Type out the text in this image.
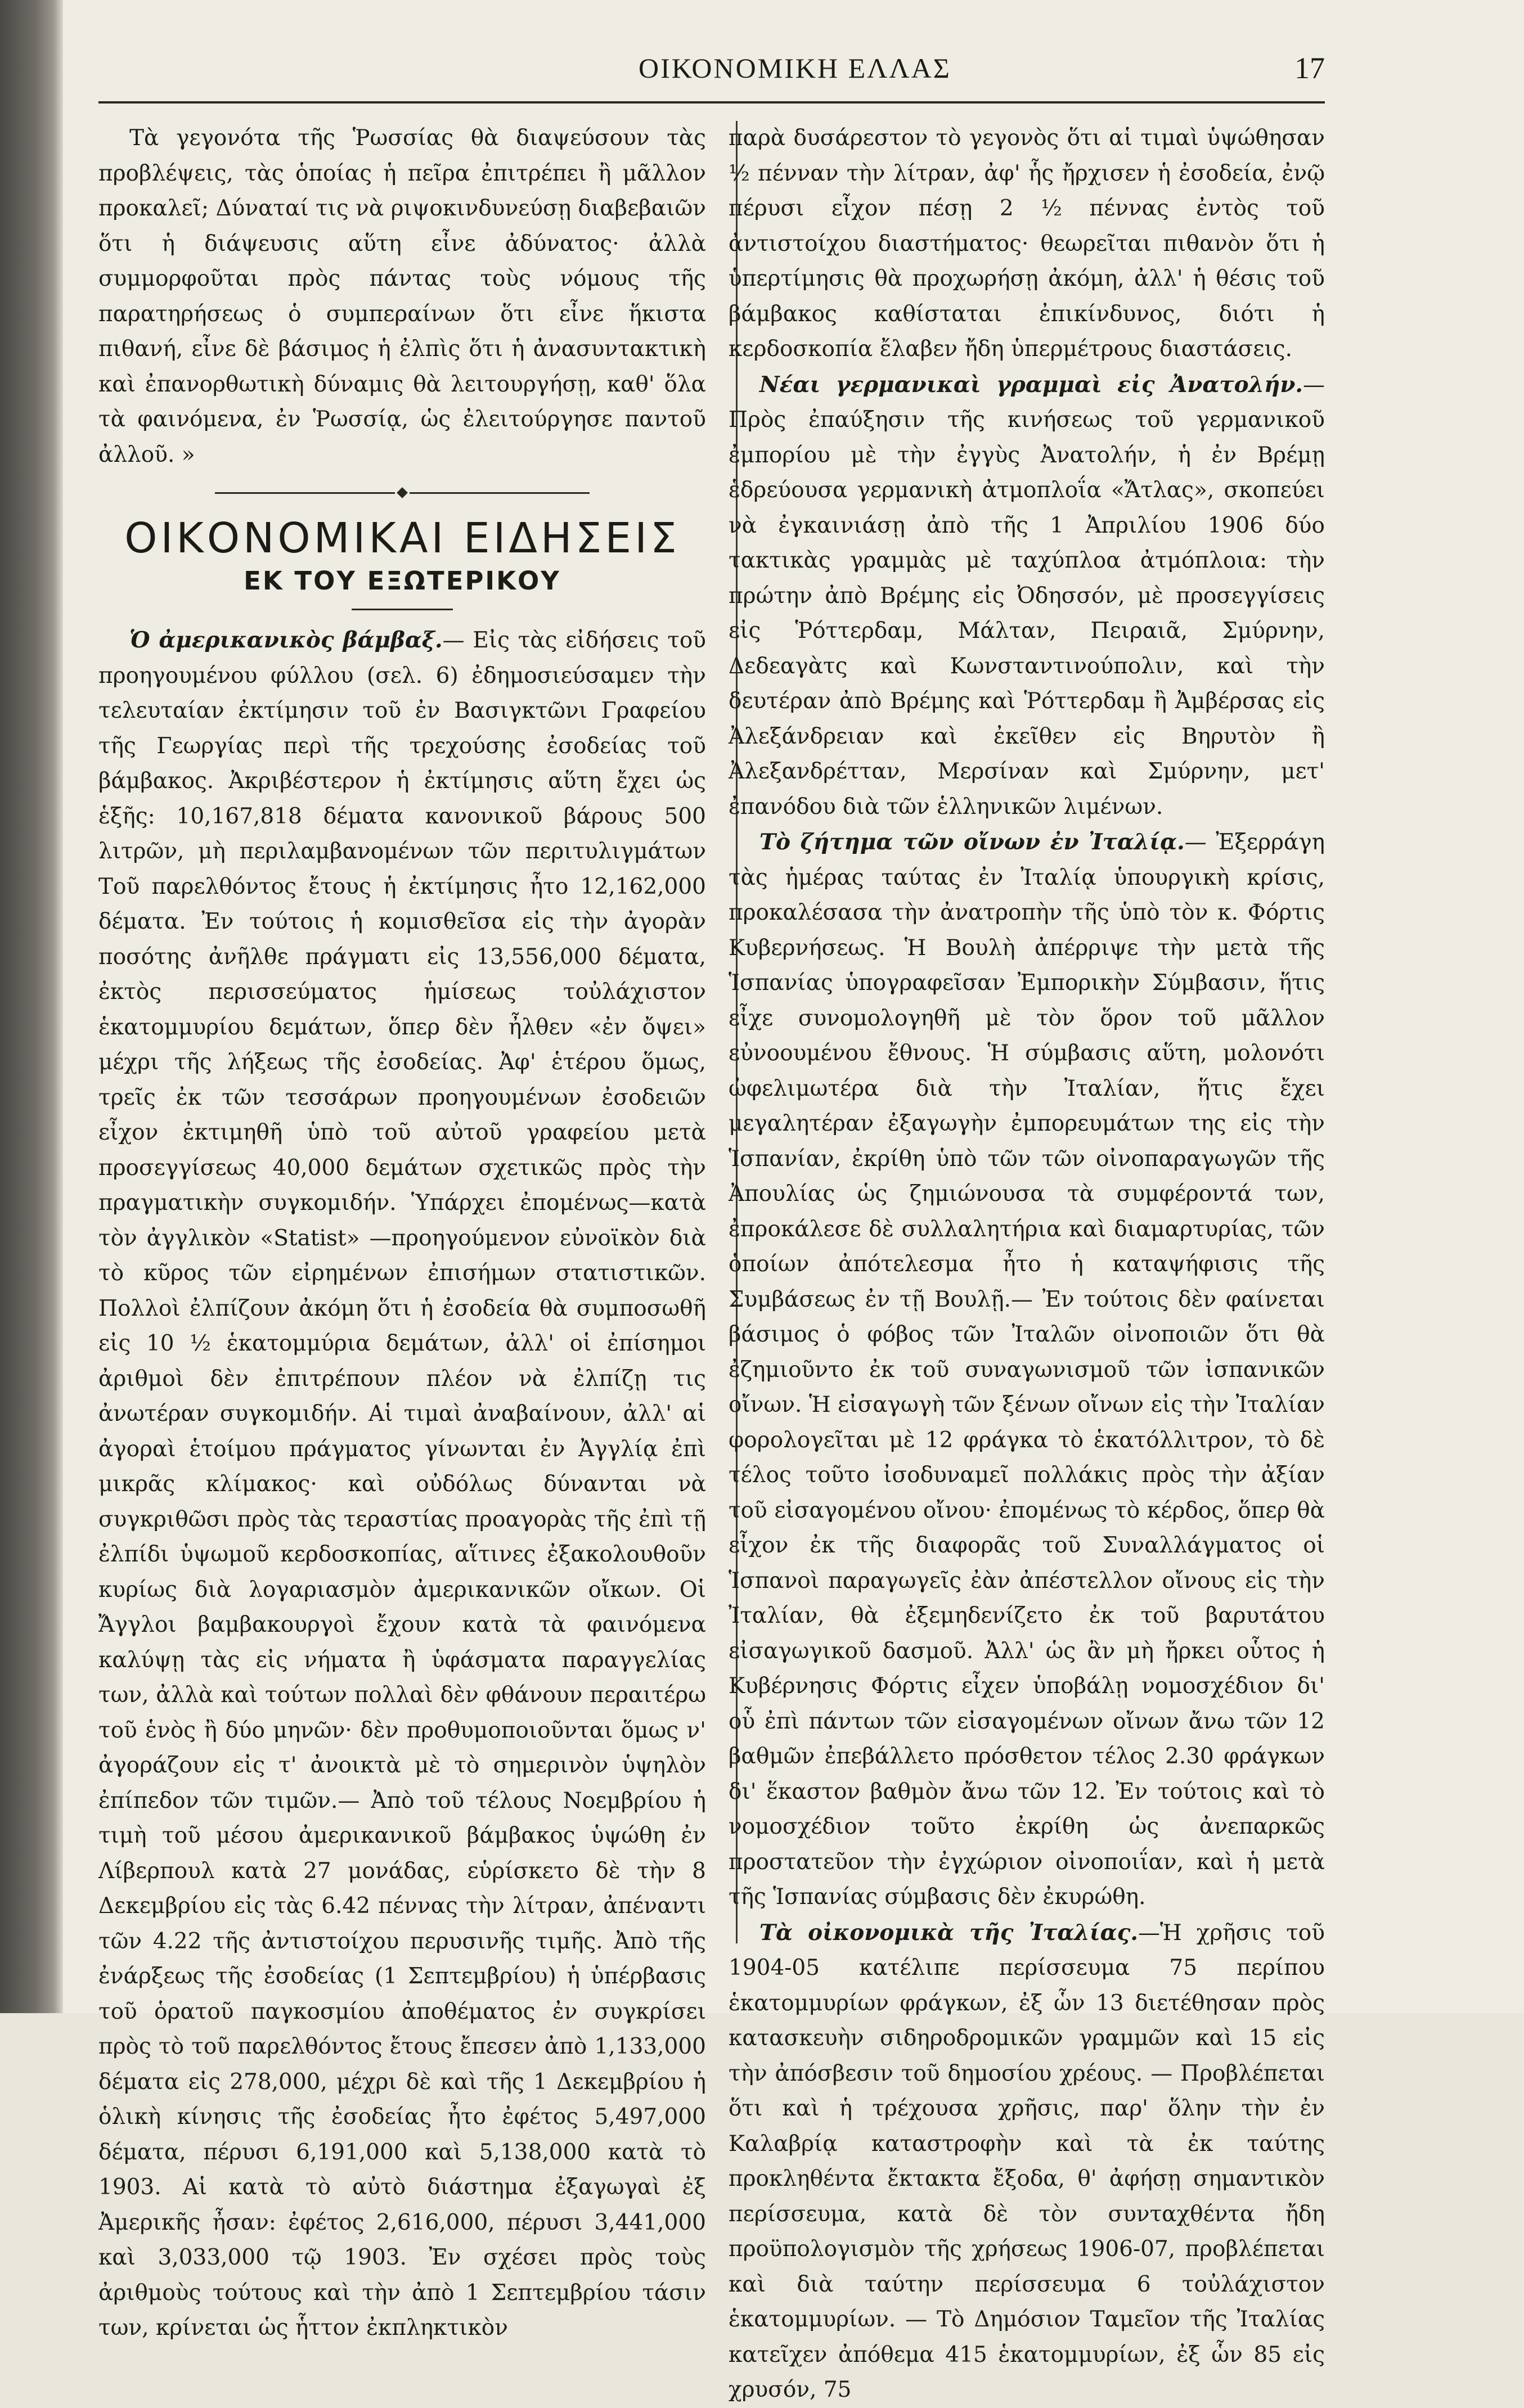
ΟΙΚΟΝΟΜΙΚΗ ΕΛΛΑΣ	17

Τὰ γεγονότα τῆς Ῥωσσίας θὰ διαψεύσουν τὰς προβλέψεις, τὰς ὁποίας ἡ πεῖρα ἐπιτρέπει ἢ μᾶλλον προκαλεῖ; Δύναταί τις νὰ ριψοκινδυνεύσῃ διαβεβαιῶν ὅτι ἡ διάψευσις αὕτη εἶνε ἀδύνατος· ἀλλὰ συμμορφοῦται πρὸς πάντας τοὺς νόμους τῆς παρατηρήσεως ὁ συμπεραίνων ὅτι εἶνε ἥκιστα πιθανή, εἶνε δὲ βάσιμος ἡ ἐλπὶς ὅτι ἡ ἀνασυντακτικὴ καὶ ἐπανορθωτικὴ δύναμις θὰ λειτουργήσῃ, καθ' ὅλα τὰ φαινόμενα, ἐν Ῥωσσίᾳ, ὡς ἐλειτούργησε παντοῦ ἀλλοῦ. »

ΟΙΚΟΝΟΜΙΚΑΙ ΕΙΔΗΣΕΙΣ
ΕΚ ΤΟΥ ΕΞΩΤΕΡΙΚΟΥ

Ὁ ἀμερικανικὸς βάμβαξ.— Εἰς τὰς εἰδήσεις τοῦ προηγουμένου φύλλου (σελ. 6) ἐδημοσιεύσαμεν τὴν τελευταίαν ἐκτίμησιν τοῦ ἐν Βασιγκτῶνι Γραφείου τῆς Γεωργίας περὶ τῆς τρεχούσης ἐσοδείας τοῦ βάμβακος. Ἀκριβέστερον ἡ ἐκτίμησις αὕτη ἔχει ὡς ἑξῆς: 10,167,818 δέματα κανονικοῦ βάρους 500 λιτρῶν, μὴ περιλαμβανομένων τῶν περιτυλιγμάτων Τοῦ παρελθόντος ἔτους ἡ ἐκτίμησις ἦτο 12,162,000 δέματα. Ἐν τούτοις ἡ κομισθεῖσα εἰς τὴν ἀγορὰν ποσότης ἀνῆλθε πράγματι εἰς 13,556,000 δέματα, ἐκτὸς περισσεύματος ἡμίσεως τοὐλάχιστον ἑκατομμυρίου δεμάτων, ὅπερ δὲν ἦλθεν «ἐν ὄψει» μέχρι τῆς λήξεως τῆς ἐσοδείας. Ἀφ' ἑτέρου ὅμως, τρεῖς ἐκ τῶν τεσσάρων προηγουμένων ἐσοδειῶν εἶχον ἐκτιμηθῆ ὑπὸ τοῦ αὐτοῦ γραφείου μετὰ προσεγγίσεως 40,000 δεμάτων σχετικῶς πρὸς τὴν πραγματικὴν συγκομιδήν. Ὑπάρχει ἐπομένως—κατὰ τὸν ἀγγλικὸν «Statist» —προηγούμενον εὐνοϊκὸν διὰ τὸ κῦρος τῶν εἰρημένων ἐπισήμων στατιστικῶν. Πολλοὶ ἐλπίζουν ἀκόμη ὅτι ἡ ἐσοδεία θὰ συμποσωθῆ εἰς 10 ½ ἑκατομμύρια δεμάτων, ἀλλ' οἱ ἐπίσημοι ἀριθμοὶ δὲν ἐπιτρέπουν πλέον νὰ ἐλπίζῃ τις ἀνωτέραν συγκομιδήν. Αἱ τιμαὶ ἀναβαίνουν, ἀλλ' αἱ ἀγοραὶ ἑτοίμου πράγματος γίνωνται ἐν Ἀγγλίᾳ ἐπὶ μικρᾶς κλίμακος· καὶ οὐδόλως δύνανται νὰ συγκριθῶσι πρὸς τὰς τεραστίας προαγορὰς τῆς ἐπὶ τῇ ἐλπίδι ὑψωμοῦ κερδοσκοπίας, αἵτινες ἐξακολουθοῦν κυρίως διὰ λογαριασμὸν ἀμερικανικῶν οἴκων. Οἱ Ἄγγλοι βαμβακουργοὶ ἔχουν κατὰ τὰ φαινόμενα καλύψῃ τὰς εἰς νήματα ἢ ὑφάσματα παραγγελίας των, ἀλλὰ καὶ τούτων πολλαὶ δὲν φθάνουν περαιτέρω τοῦ ἑνὸς ἢ δύο μηνῶν· δὲν προθυμοποιοῦνται ὅμως ν' ἀγοράζουν εἰς τ' ἀνοικτὰ μὲ τὸ σημερινὸν ὑψηλὸν ἐπίπεδον τῶν τιμῶν.— Ἀπὸ τοῦ τέλους Νοεμβρίου ἡ τιμὴ τοῦ μέσου ἀμερικανικοῦ βάμβακος ὑψώθη ἐν Λίβερπουλ κατὰ 27 μονάδας, εὑρίσκετο δὲ τὴν 8 Δεκεμβρίου εἰς τὰς 6.42 πέννας τὴν λίτραν, ἀπέναντι τῶν 4.22 τῆς ἀντιστοίχου περυσινῆς τιμῆς. Ἀπὸ τῆς ἐνάρξεως τῆς ἐσοδείας (1 Σεπτεμβρίου) ἡ ὑπέρβασις τοῦ ὁρατοῦ παγκοσμίου ἀποθέματος ἐν συγκρίσει πρὸς τὸ τοῦ παρελθόντος ἔτους ἔπεσεν ἀπὸ 1,133,000 δέματα εἰς 278,000, μέχρι δὲ καὶ τῆς 1 Δεκεμβρίου ἡ ὁλικὴ κίνησις τῆς ἐσοδείας ἦτο ἐφέτος 5,497,000 δέματα, πέρυσι 6,191,000 καὶ 5,138,000 κατὰ τὸ 1903. Αἱ κατὰ τὸ αὐτὸ διάστημα ἐξαγωγαὶ ἐξ Ἀμερικῆς ἦσαν: ἐφέτος 2,616,000, πέρυσι 3,441,000 καὶ 3,033,000 τῷ 1903. Ἐν σχέσει πρὸς τοὺς ἀριθμοὺς τούτους καὶ τὴν ἀπὸ 1 Σεπτεμβρίου τάσιν των, κρίνεται ὡς ἧττον ἐκπληκτικὸν

παρὰ δυσάρεστον τὸ γεγονὸς ὅτι αἱ τιμαὶ ὑψώθησαν ½ πένναν τὴν λίτραν, ἀφ' ἧς ἤρχισεν ἡ ἐσοδεία, ἐνῷ πέρυσι εἶχον πέσῃ 2 ½ πέννας ἐντὸς τοῦ ἀντιστοίχου διαστήματος· θεωρεῖται πιθανὸν ὅτι ἡ ὑπερτίμησις θὰ προχωρήσῃ ἀκόμη, ἀλλ' ἡ θέσις τοῦ βάμβακος καθίσταται ἐπικίνδυνος, διότι ἡ κερδοσκοπία ἔλαβεν ἤδη ὑπερμέτρους διαστάσεις.

Νέαι γερμανικαὶ γραμμαὶ εἰς Ἀνατολήν.— Πρὸς ἐπαύξησιν τῆς κινήσεως τοῦ γερμανικοῦ ἐμπορίου μὲ τὴν ἐγγὺς Ἀνατολήν, ἡ ἐν Βρέμῃ ἑδρεύουσα γερμανικὴ ἀτμοπλοΐα «Ἄτλας», σκοπεύει νὰ ἐγκαινιάσῃ ἀπὸ τῆς 1 Ἀπριλίου 1906 δύο τακτικὰς γραμμὰς μὲ ταχύπλοα ἀτμόπλοια: τὴν πρώτην ἀπὸ Βρέμης εἰς Ὀδησσόν, μὲ προσεγγίσεις εἰς Ῥόττερδαμ, Μάλταν, Πειραιᾶ, Σμύρνην, Δεδεαγὰτς καὶ Κωνσταντινούπολιν, καὶ τὴν δευτέραν ἀπὸ Βρέμης καὶ Ῥόττερδαμ ἢ Ἀμβέρσας εἰς Ἀλεξάνδρειαν καὶ ἐκεῖθεν εἰς Βηρυτὸν ἢ Ἀλεξανδρέτταν, Μερσίναν καὶ Σμύρνην, μετ' ἐπανόδου διὰ τῶν ἑλληνικῶν λιμένων.

Τὸ ζήτημα τῶν οἴνων ἐν Ἰταλίᾳ.— Ἐξερράγη τὰς ἡμέρας ταύτας ἐν Ἰταλίᾳ ὑπουργικὴ κρίσις, προκαλέσασα τὴν ἀνατροπὴν τῆς ὑπὸ τὸν κ. Φόρτις Κυβερνήσεως. Ἡ Βουλὴ ἀπέρριψε τὴν μετὰ τῆς Ἱσπανίας ὑπογραφεῖσαν Ἐμπορικὴν Σύμβασιν, ἥτις εἶχε συνομολογηθῆ μὲ τὸν ὅρον τοῦ μᾶλλον εὐνοουμένου ἔθνους. Ἡ σύμβασις αὕτη, μολονότι ὠφελιμωτέρα διὰ τὴν Ἰταλίαν, ἥτις ἔχει μεγαλητέραν ἐξαγωγὴν ἐμπορευμάτων της εἰς τὴν Ἱσπανίαν, ἐκρίθη ὑπὸ τῶν τῶν οἰνοπαραγωγῶν τῆς Ἀπουλίας ὡς ζημιώνουσα τὰ συμφέροντά των, ἐπροκάλεσε δὲ συλλαλητήρια καὶ διαμαρτυρίας, τῶν ὁποίων ἀπότελεσμα ἦτο ἡ καταψήφισις τῆς Συμβάσεως ἐν τῇ Βουλῇ.— Ἐν τούτοις δὲν φαίνεται βάσιμος ὁ φόβος τῶν Ἰταλῶν οἰνοποιῶν ὅτι θὰ ἐζημιοῦντο ἐκ τοῦ συναγωνισμοῦ τῶν ἰσπανικῶν οἴνων. Ἡ εἰσαγωγὴ τῶν ξένων οἴνων εἰς τὴν Ἰταλίαν φορολογεῖται μὲ 12 φράγκα τὸ ἑκατόλλιτρον, τὸ δὲ τέλος τοῦτο ἰσοδυναμεῖ πολλάκις πρὸς τὴν ἀξίαν τοῦ εἰσαγομένου οἴνου· ἐπομένως τὸ κέρδος, ὅπερ θὰ εἶχον ἐκ τῆς διαφορᾶς τοῦ Συναλλάγματος οἱ Ἱσπανοὶ παραγωγεῖς ἐὰν ἀπέστελλον οἴνους εἰς τὴν Ἰταλίαν, θὰ ἐξεμηδενίζετο ἐκ τοῦ βαρυτάτου εἰσαγωγικοῦ δασμοῦ. Ἀλλ' ὡς ἂν μὴ ἤρκει οὗτος ἡ Κυβέρνησις Φόρτις εἶχεν ὑποβάλῃ νομοσχέδιον δι' οὗ ἐπὶ πάντων τῶν εἰσαγομένων οἴνων ἄνω τῶν 12 βαθμῶν ἐπεβάλλετο πρόσθετον τέλος 2.30 φράγκων δι' ἕκαστον βαθμὸν ἄνω τῶν 12. Ἐν τούτοις καὶ τὸ νομοσχέδιον τοῦτο ἐκρίθη ὡς ἀνεπαρκῶς προστατεῦον τὴν ἐγχώριον οἰνοποιΐαν, καὶ ἡ μετὰ τῆς Ἱσπανίας σύμβασις δὲν ἐκυρώθη.

Τὰ οἰκονομικὰ τῆς Ἰταλίας.—Ἡ χρῆσις τοῦ 1904-05 κατέλιπε περίσσευμα 75 περίπου ἑκατομμυρίων φράγκων, ἐξ ὧν 13 διετέθησαν πρὸς κατασκευὴν σιδηροδρομικῶν γραμμῶν καὶ 15 εἰς τὴν ἀπόσβεσιν τοῦ δημοσίου χρέους. — Προβλέπεται ὅτι καὶ ἡ τρέχουσα χρῆσις, παρ' ὅλην τὴν ἐν Καλαβρίᾳ καταστροφὴν καὶ τὰ ἐκ ταύτης προκληθέντα ἔκτακτα ἔξοδα, θ' ἀφήσῃ σημαντικὸν περίσσευμα, κατὰ δὲ τὸν συνταχθέντα ἤδη προϋπολογισμὸν τῆς χρήσεως 1906-07, προβλέπεται καὶ διὰ ταύτην περίσσευμα 6 τοὐλάχιστον ἑκατομμυρίων. — Τὸ Δημόσιον Ταμεῖον τῆς Ἰταλίας κατεῖχεν ἀπόθεμα 415 ἑκατομμυρίων, ἐξ ὧν 85 εἰς χρυσόν, 75
